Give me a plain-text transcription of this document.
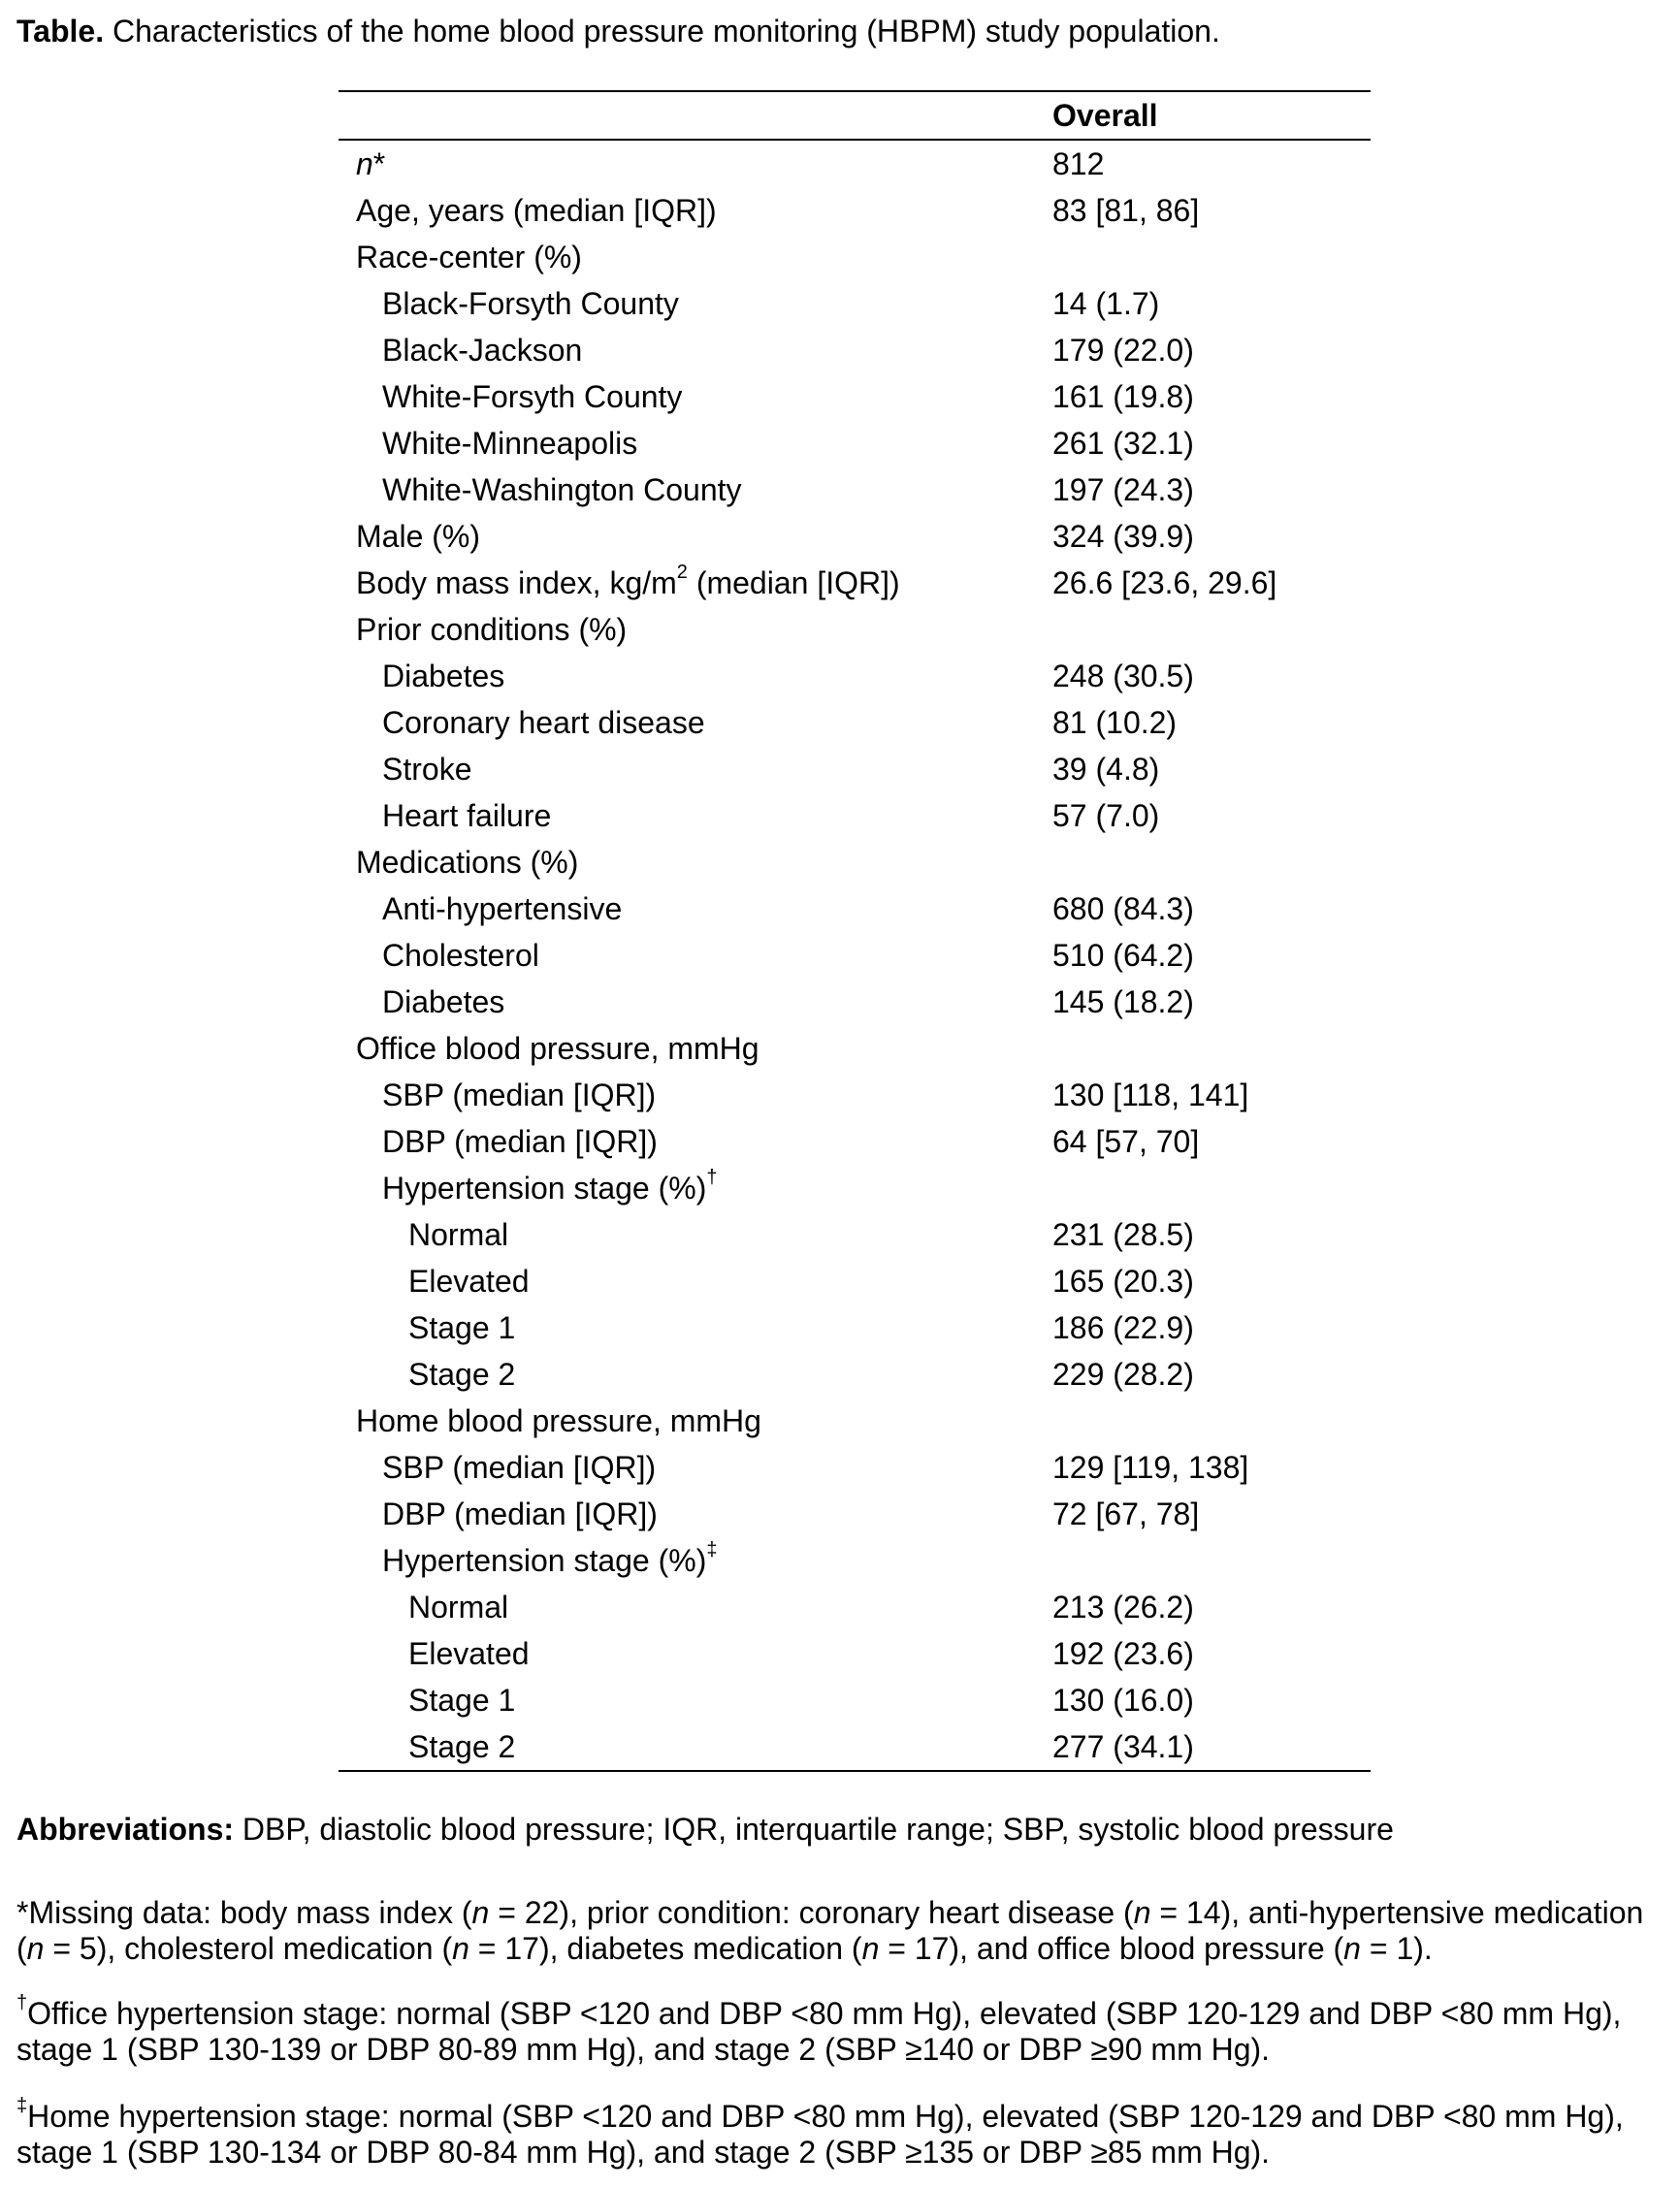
Table. Characteristics of the home blood pressure monitoring (HBPM) study population.
Overall
n*	812
Age, years (median [IQR])	83 [81, 86]
Race-center (%)
Black-Forsyth County	14 (1.7)
Black-Jackson	179 (22.0)
White-Forsyth County	161 (19.8)
White-Minneapolis	261 (32.1)
White-Washington County	197 (24.3)
Male (%)	324 (39.9)
Body mass index, $kg/m^2$ (median [IQR])	26.6 [23.6, 29.6]
Prior conditions (%)
Diabetes	248 (30.5)
Coronary heart disease	81 (10.2)
Stroke	39 (4.8)
Heart failure	57 (7.0)
Medications (%)
Anti-hypertensive	680 (84.3)
Cholesterol	510 (64.2)
Diabetes	145 (18.2)
Office blood pressure, mmHg
SBP (median [IQR])	130 [118, 141]
DBP (median [IQR])	64 [57, 70]
Hypertension stage (%)†
Normal	231 (28.5)
Elevated	165 (20.3)
Stage 1	186 (22.9)
Stage 2	229 (28.2)
Home blood pressure, mmHg
SBP (median [IQR])	129 [119, 138]
DBP (median [IQR])	72 [67, 78]
Hypertension stage (%)‡
Normal	213 (26.2)
Elevated	192 (23.6)
Stage 1	130 (16.0)
Stage 2	277 (34.1)
Abbreviations: DBP, diastolic blood pressure; IQR, interquartile range; SBP, systolic blood pressure
*Missing data: body mass index (n = 22), prior condition: coronary heart disease (n = 14), anti-hypertensive medication (n = 5), cholesterol medication (n = 17), diabetes medication (n = 17), and office blood pressure (n = 1).
†Office hypertension stage: normal (SBP <120 and DBP <80 mm Hg), elevated (SBP 120-129 and DBP <80 mm Hg), stage 1 (SBP 130-139 or DBP 80-89 mm Hg), and stage 2 (SBP ≥140 or DBP ≥90 mm Hg).
‡Home hypertension stage: normal (SBP <120 and DBP <80 mm Hg), elevated (SBP 120-129 and DBP <80 mm Hg), stage 1 (SBP 130-134 or DBP 80-84 mm Hg), and stage 2 (SBP ≥135 or DBP ≥85 mm Hg).
